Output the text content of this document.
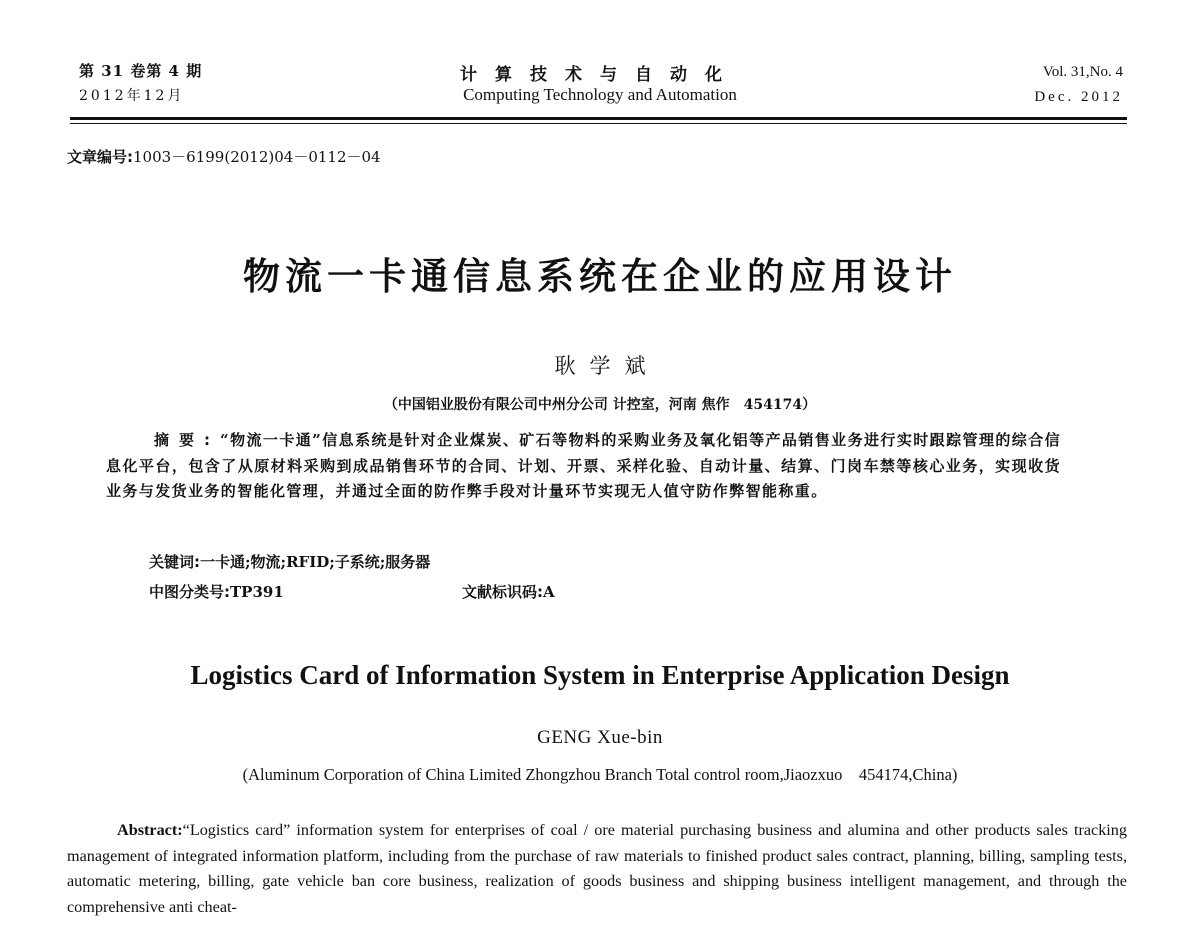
第 31 卷第 4 期
2012年12月
计算技术与自动化
Computing Technology and Automation
Vol. 31,No. 4
Dec. 2012
文章编号:1003－6199(2012)04－0112－04
物流一卡通信息系统在企业的应用设计
耿学斌
（中国铝业股份有限公司中州分公司 计控室，河南 焦作　454174）
摘要:“物流一卡通”信息系统是针对企业煤炭、矿石等物料的采购业务及氧化铝等产品销售业务进行实时跟踪管理的综合信息化平台，包含了从原材料采购到成品销售环节的合同、计划、开票、采样化验、自动计量、结算、门岗车禁等核心业务，实现收货业务与发货业务的智能化管理，并通过全面的防作弊手段对计量环节实现无人值守防作弊智能称重。
关键词:一卡通;物流;RFID;子系统;服务器
中图分类号:TP391	文献标识码:A
Logistics Card of Information System in Enterprise Application Design
GENG Xue-bin
(Aluminum Corporation of China Limited Zhongzhou Branch Total control room,Jiaozxuo　454174,China)
Abstract:“Logistics card” information system for enterprises of coal / ore material purchasing business and alumina and other products sales tracking management of integrated information platform, including from the purchase of raw materials to finished product sales contract, planning, billing, sampling tests, automatic metering, billing, gate vehicle ban core business, realization of goods business and shipping business intelligent management, and through the comprehensive anti cheat-
